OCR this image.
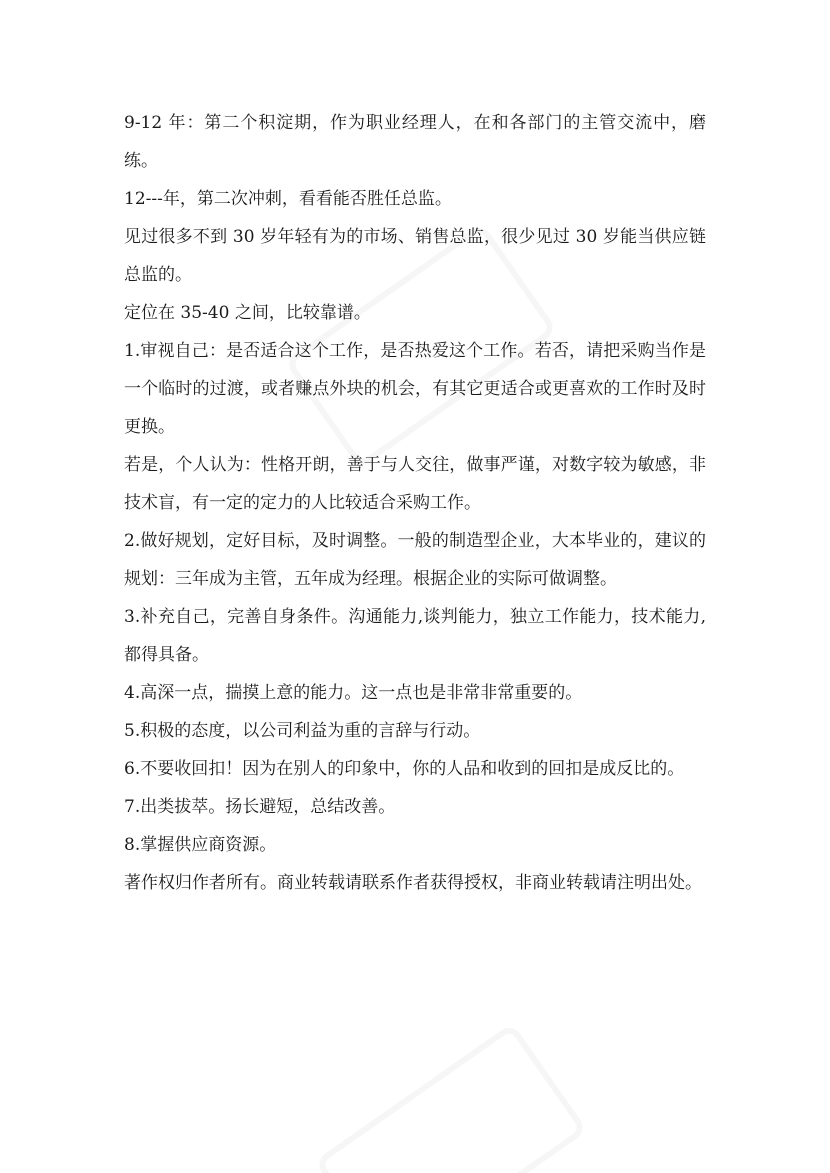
9-12 年：第二个积淀期，作为职业经理人，在和各部门的主管交流中，磨练。

12---年，第二次冲刺，看看能否胜任总监。

见过很多不到 30 岁年轻有为的市场、销售总监，很少见过 30 岁能当供应链总监的。

定位在 35-40 之间，比较靠谱。

1.审视自己：是否适合这个工作，是否热爱这个工作。若否，请把采购当作是一个临时的过渡，或者赚点外块的机会，有其它更适合或更喜欢的工作时及时更换。

若是，个人认为：性格开朗，善于与人交往，做事严谨，对数字较为敏感，非技术盲，有一定的定力的人比较适合采购工作。

2.做好规划，定好目标，及时调整。一般的制造型企业，大本毕业的，建议的规划：三年成为主管，五年成为经理。根据企业的实际可做调整。

3.补充自己，完善自身条件。沟通能力,谈判能力，独立工作能力，技术能力,都得具备。

4.高深一点，揣摸上意的能力。这一点也是非常非常重要的。

5.积极的态度，以公司利益为重的言辞与行动。

6.不要收回扣！因为在别人的印象中，你的人品和收到的回扣是成反比的。

7.出类拔萃。扬长避短，总结改善。

8.掌握供应商资源。

著作权归作者所有。商业转载请联系作者获得授权，非商业转载请注明出处。
